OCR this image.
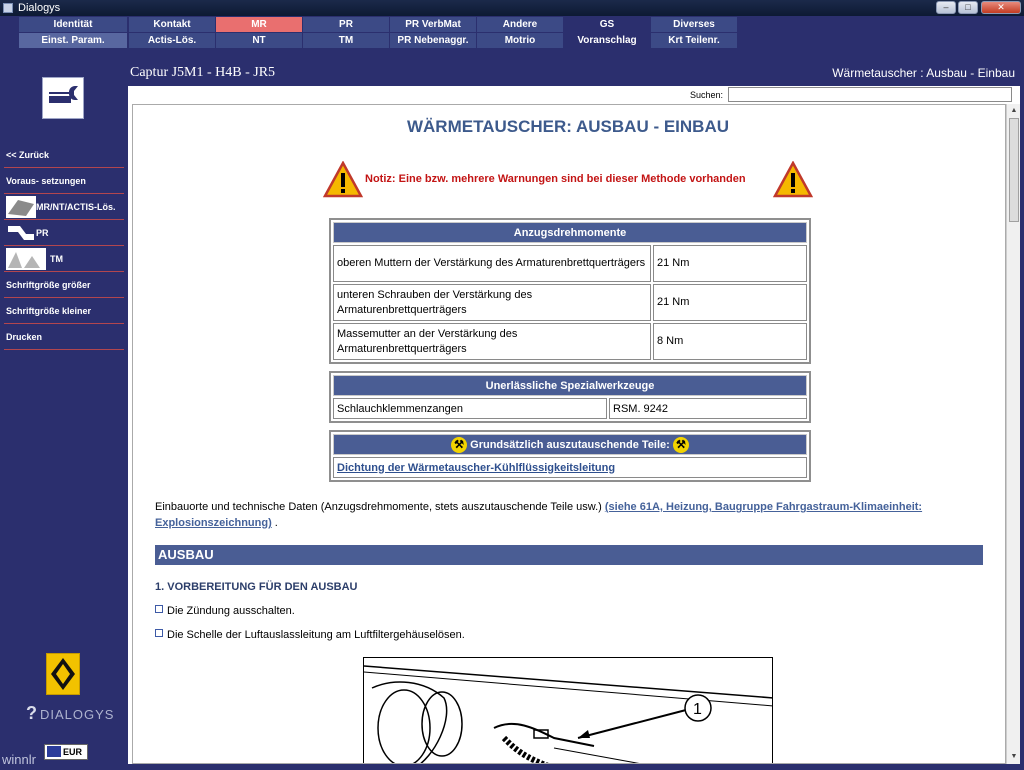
Dialogys	–	□	✕
Identität	Kontakt	MR	PR	PR VerbMat	Andere	GS	Diverses
Einst. Param.	Actis-Lös.	NT	TM	PR Nebenaggr.	Motrio	Voranschlag	Krt Teilenr.
<< Zurück
Voraus- setzungen
MR/NT/ACTIS-Lös.
PR
TM
Schriftgröße größer
Schriftgröße kleiner
Drucken
? DIALOGYS
EUR
winnlr
Captur J5M1 - H4B - JR5	Wärmetauscher : Ausbau - Einbau
Suchen:
WÄRMETAUSCHER: AUSBAU - EINBAU
Notiz: Eine bzw. mehrere Warnungen sind bei dieser Methode vorhanden
Anzugsdrehmomente	
oberen Muttern der Verstärkung des Armaturenbrettquerträgers	21 Nm
unteren Schrauben der Verstärkung des Armaturenbrettquerträgers	21 Nm
Massemutter an der Verstärkung des Armaturenbrettquerträgers	8 Nm
Unerlässliche Spezialwerkzeuge
Schlauchklemmenzangen	RSM. 9242
⚒ Grundsätzlich auszutauschende Teile: ⚒
Dichtung der Wärmetauscher-Kühlflüssigkeitsleitung
Einbauorte und technische Daten (Anzugsdrehmomente, stets auszutauschende Teile usw.) (siehe 61A, Heizung, Baugruppe Fahrgastraum-Klimaeinheit: Explosionszeichnung) .
AUSBAU
1. VORBEREITUNG FÜR DEN AUSBAU
Die Zündung ausschalten.
Die Schelle der Luftauslassleitung am Luftfiltergehäuselösen.
1
▲
▼
